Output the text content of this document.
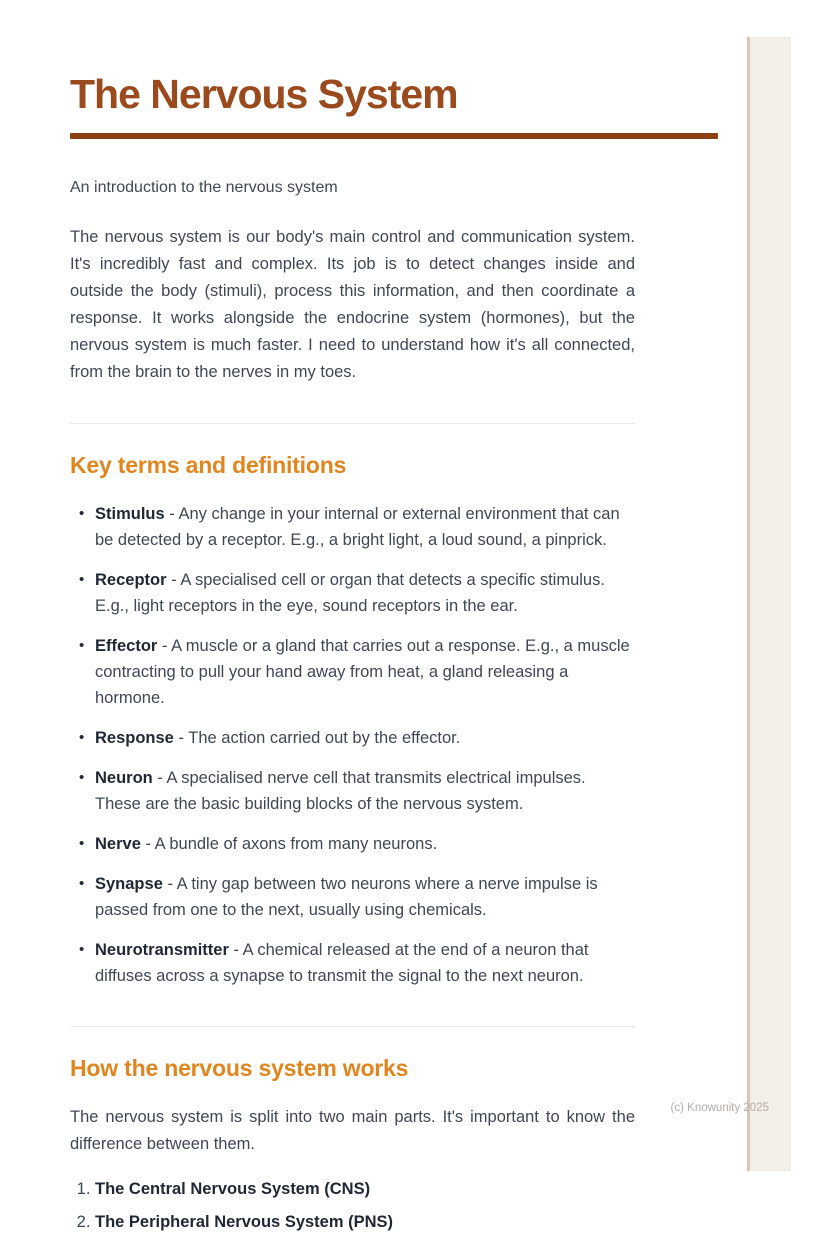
The Nervous System

An introduction to the nervous system

The nervous system is our body's main control and communication system. It's incredibly fast and complex. Its job is to detect changes inside and outside the body (stimuli), process this information, and then coordinate a response. It works alongside the endocrine system (hormones), but the nervous system is much faster. I need to understand how it's all connected, from the brain to the nerves in my toes.

Key terms and definitions
• Stimulus - Any change in your internal or external environment that can be detected by a receptor. E.g., a bright light, a loud sound, a pinprick.
• Receptor - A specialised cell or organ that detects a specific stimulus. E.g., light receptors in the eye, sound receptors in the ear.
• Effector - A muscle or a gland that carries out a response. E.g., a muscle contracting to pull your hand away from heat, a gland releasing a hormone.
• Response - The action carried out by the effector.
• Neuron - A specialised nerve cell that transmits electrical impulses. These are the basic building blocks of the nervous system.
• Nerve - A bundle of axons from many neurons.
• Synapse - A tiny gap between two neurons where a nerve impulse is passed from one to the next, usually using chemicals.
• Neurotransmitter - A chemical released at the end of a neuron that diffuses across a synapse to transmit the signal to the next neuron.
How the nervous system works

The nervous system is split into two main parts. It's important to know the difference between them.

1. The Central Nervous System (CNS)
2. The Peripheral Nervous System (PNS)
(c) Knowunity 2025
